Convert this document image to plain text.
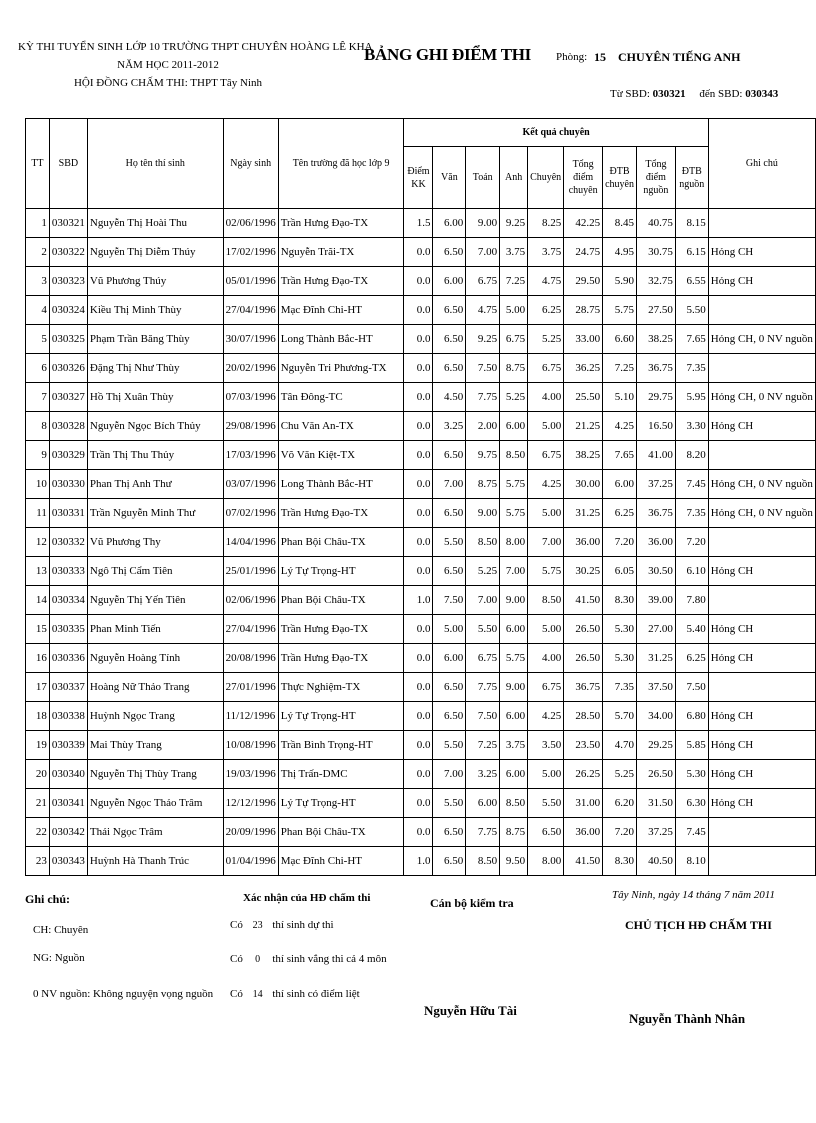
KỲ THI TUYỂN SINH LỚP 10 TRƯỜNG THPT CHUYÊN HOÀNG LÊ KHA
NĂM HỌC 2011-2012
HỘI ĐỒNG CHẤM THI: THPT Tây Ninh
BẢNG GHI ĐIỂM THI Phòng: 15 CHUYÊN TIẾNG ANH
Từ SBD: 030321 đến SBD: 030343
TT	SBD	Họ tên thí sinh	Ngày sinh	Tên trường đã học lớp 9	Kết quả chuyên									Ghi chú
					Điểm KK	Văn	Toán	Anh	Chuyên	Tổng điểm chuyên	ĐTB chuyên	Tổng điểm nguồn	ĐTB nguồn	
1	030321	Nguyễn Thị Hoài Thu	02/06/1996	Trần Hưng Đạo-TX	1.5	6.00	9.00	9.25	8.25	42.25	8.45	40.75	8.15	
2	030322	Nguyễn Thị Diễm Thúy	17/02/1996	Nguyễn Trãi-TX	0.0	6.50	7.00	3.75	3.75	24.75	4.95	30.75	6.15	Hỏng CH
3	030323	Vũ Phương Thúy	05/01/1996	Trần Hưng Đạo-TX	0.0	6.00	6.75	7.25	4.75	29.50	5.90	32.75	6.55	Hỏng CH
4	030324	Kiều Thị Minh Thùy	27/04/1996	Mạc Đĩnh Chi-HT	0.0	6.50	4.75	5.00	6.25	28.75	5.75	27.50	5.50	
5	030325	Phạm Trần Băng Thùy	30/07/1996	Long Thành Bắc-HT	0.0	6.50	9.25	6.75	5.25	33.00	6.60	38.25	7.65	Hỏng CH, 0 NV nguồn
6	030326	Đặng Thị Như Thùy	20/02/1996	Nguyễn Tri Phương-TX	0.0	6.50	7.50	8.75	6.75	36.25	7.25	36.75	7.35	
7	030327	Hồ Thị Xuân Thùy	07/03/1996	Tân Đông-TC	0.0	4.50	7.75	5.25	4.00	25.50	5.10	29.75	5.95	Hỏng CH, 0 NV nguồn
8	030328	Nguyễn Ngọc Bích Thủy	29/08/1996	Chu Văn An-TX	0.0	3.25	2.00	6.00	5.00	21.25	4.25	16.50	3.30	Hỏng CH
9	030329	Trần Thị Thu Thủy	17/03/1996	Võ Văn Kiệt-TX	0.0	6.50	9.75	8.50	6.75	38.25	7.65	41.00	8.20	
10	030330	Phan Thị Anh Thư	03/07/1996	Long Thành Bắc-HT	0.0	7.00	8.75	5.75	4.25	30.00	6.00	37.25	7.45	Hỏng CH, 0 NV nguồn
11	030331	Trần Nguyễn Minh Thư	07/02/1996	Trần Hưng Đạo-TX	0.0	6.50	9.00	5.75	5.00	31.25	6.25	36.75	7.35	Hỏng CH, 0 NV nguồn
12	030332	Vũ Phương Thy	14/04/1996	Phan Bội Châu-TX	0.0	5.50	8.50	8.00	7.00	36.00	7.20	36.00	7.20	
13	030333	Ngô Thị Cẩm Tiên	25/01/1996	Lý Tự Trọng-HT	0.0	6.50	5.25	7.00	5.75	30.25	6.05	30.50	6.10	Hỏng CH
14	030334	Nguyễn Thị Yến Tiên	02/06/1996	Phan Bội Châu-TX	1.0	7.50	7.00	9.00	8.50	41.50	8.30	39.00	7.80	
15	030335	Phan Minh Tiến	27/04/1996	Trần Hưng Đạo-TX	0.0	5.00	5.50	6.00	5.00	26.50	5.30	27.00	5.40	Hỏng CH
16	030336	Nguyễn Hoàng Tính	20/08/1996	Trần Hưng Đạo-TX	0.0	6.00	6.75	5.75	4.00	26.50	5.30	31.25	6.25	Hỏng CH
17	030337	Hoàng Nữ Thảo Trang	27/01/1996	Thực Nghiệm-TX	0.0	6.50	7.75	9.00	6.75	36.75	7.35	37.50	7.50	
18	030338	Huỳnh Ngọc Trang	11/12/1996	Lý Tự Trọng-HT	0.0	6.50	7.50	6.00	4.25	28.50	5.70	34.00	6.80	Hỏng CH
19	030339	Mai Thùy Trang	10/08/1996	Trần Bình Trọng-HT	0.0	5.50	7.25	3.75	3.50	23.50	4.70	29.25	5.85	Hỏng CH
20	030340	Nguyễn Thị Thùy Trang	19/03/1996	Thị Trấn-DMC	0.0	7.00	3.25	6.00	5.00	26.25	5.25	26.50	5.30	Hỏng CH
21	030341	Nguyễn Ngọc Thảo Trâm	12/12/1996	Lý Tự Trọng-HT	0.0	5.50	6.00	8.50	5.50	31.00	6.20	31.50	6.30	Hỏng CH
22	030342	Thái Ngọc Trâm	20/09/1996	Phan Bội Châu-TX	0.0	6.50	7.75	8.75	6.50	36.00	7.20	37.25	7.45	
23	030343	Huỳnh Hà Thanh Trúc	01/04/1996	Mạc Đĩnh Chi-HT	1.0	6.50	8.50	9.50	8.00	41.50	8.30	40.50	8.10	
Ghi chú:
CH: Chuyên
NG: Nguồn
0 NV nguồn: Không nguyện vọng nguồn
Xác nhận của HĐ chấm thi
Có 23 thí sinh dự thi
Có 0 thí sinh vắng thi cả 4 môn
Có 14 thí sinh có điểm liệt
Cán bộ kiểm tra
Nguyễn Hữu Tài
Tây Ninh, ngày 14 tháng 7 năm 2011
CHỦ TỊCH HĐ CHẤM THI
Nguyễn Thành Nhân
